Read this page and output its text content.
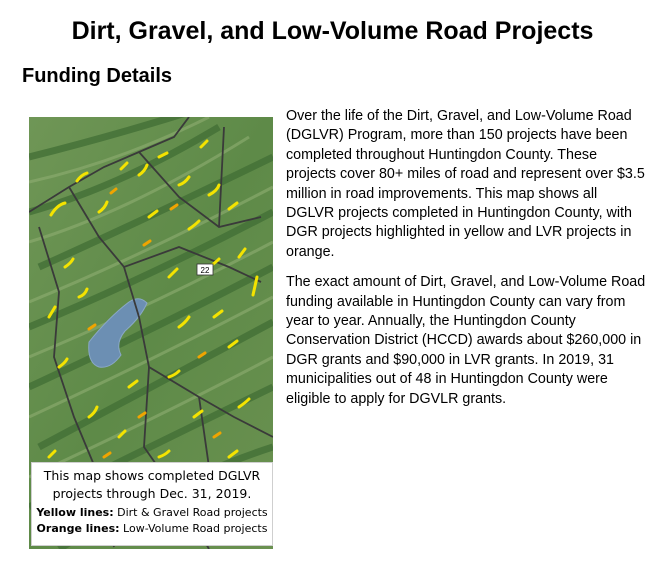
Dirt, Gravel, and Low-Volume Road Projects
Funding Details
22
This map shows completed DGLVR projects through Dec. 31, 2019.
Yellow lines: Dirt & Gravel Road projects
Orange lines: Low-Volume Road projects

Over the life of the Dirt, Gravel, and Low-Volume Road (DGLVR) Program, more than 150 projects have been completed throughout Huntingdon County. These projects cover 80+ miles of road and represent over $3.5 million in road improvements. This map shows all DGLVR projects completed in Huntingdon County, with DGR projects highlighted in yellow and LVR projects in orange.

The exact amount of Dirt, Gravel, and Low-Volume Road funding available in Huntingdon County can vary from year to year. Annually, the Huntingdon County Conservation District (HCCD) awards about $260,000 in DGR grants and $90,000 in LVR grants. In 2019, 31 municipalities out of 48 in Huntingdon County were eligible to apply for DGVLR grants.
